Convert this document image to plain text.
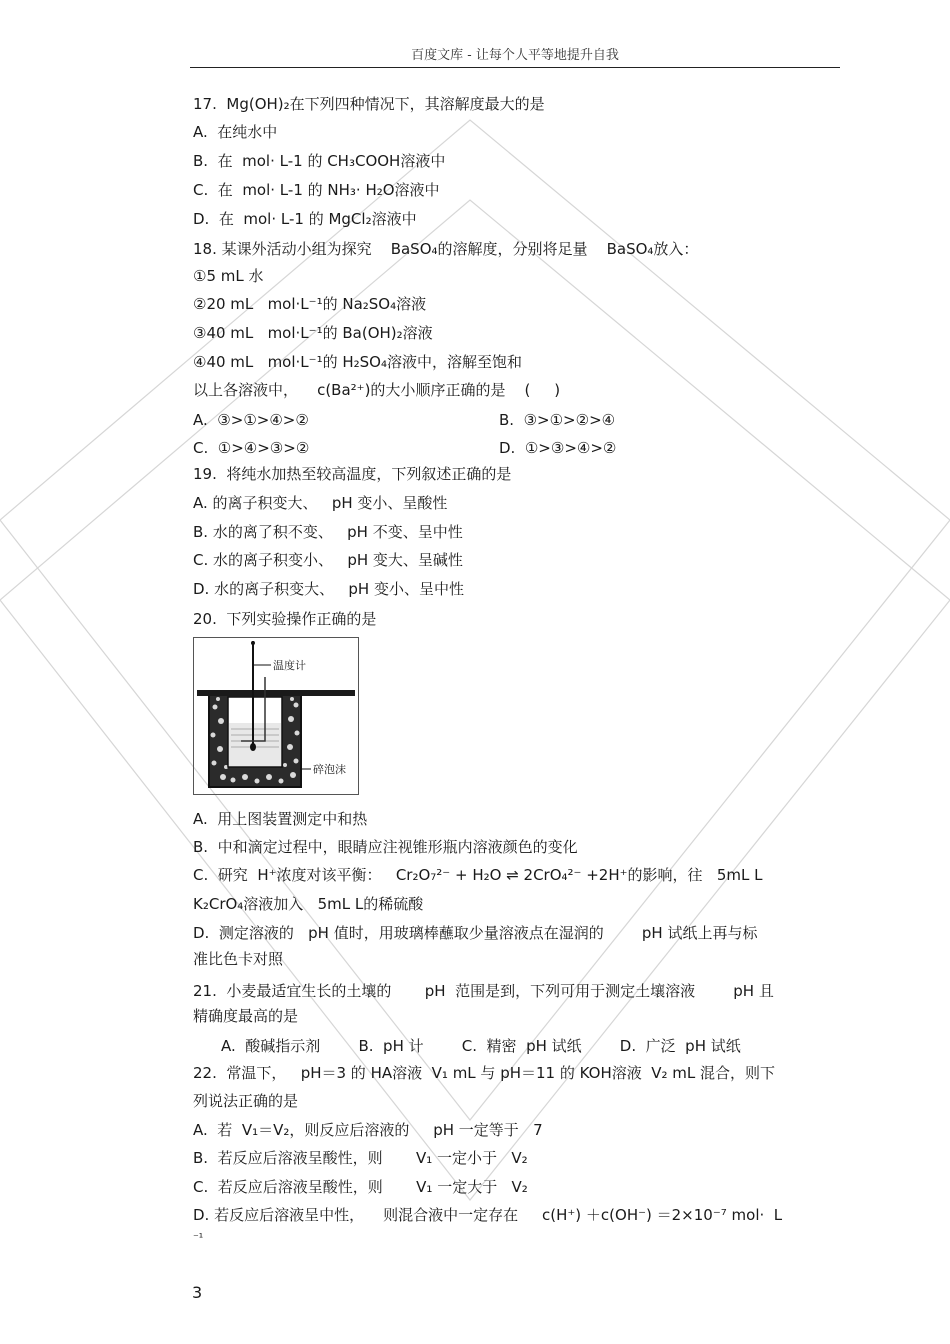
百度文库 - 让每个人平等地提升自我
17.  Mg(OH)₂在下列四种情况下，其溶解度最大的是
A.  在纯水中
B.  在  mol· L-1 的 CH₃COOH溶液中
C.  在  mol· L-1 的 NH₃· H₂O溶液中
D.  在  mol· L-1 的 MgCl₂溶液中
18. 某课外活动小组为探究    BaSO₄的溶解度，分别将足量    BaSO₄放入：
①5 mL 水
②20 mL   mol·L⁻¹的 Na₂SO₄溶液
③40 mL   mol·L⁻¹的 Ba(OH)₂溶液
④40 mL   mol·L⁻¹的 H₂SO₄溶液中，溶解至饱和
以上各溶液中，    c(Ba²⁺)的大小顺序正确的是    (     )
A.  ③>①>④>②	B.  ③>①>②>④
C.  ①>④>③>②	D.  ①>③>④>②
19.  将纯水加热至较高温度，下列叙述正确的是
A. 的离子积变大、   pH 变小、呈酸性
B. 水的离了积不变、   pH 不变、呈中性
C. 水的离子积变小、   pH 变大、呈碱性
D. 水的离子积变大、   pH 变小、呈中性
20.  下列实验操作正确的是
温度计
碎泡沫
A.  用上图装置测定中和热
B.  中和滴定过程中，眼睛应注视锥形瓶内溶液颜色的变化
C.  研究  H⁺浓度对该平衡：   Cr₂O₇²⁻ + H₂O ⇌ 2CrO₄²⁻ +2H⁺的影响，往   5mL L
K₂CrO₄溶液加入   5mL L的稀硫酸
D.  测定溶液的   pH 值时，用玻璃棒蘸取少量溶液点在湿润的        pH 试纸上再与标
准比色卡对照
21.  小麦最适宜生长的土壤的       pH  范围是到，下列可用于测定土壤溶液        pH 且
精确度最高的是
A.  酸碱指示剂        B.  pH 计        C.  精密  pH 试纸        D.  广泛  pH 试纸
22.  常温下，   pH＝3 的 HA溶液  V₁ mL 与 pH＝11 的 KOH溶液  V₂ mL 混合，则下
列说法正确的是
A.  若  V₁＝V₂，则反应后溶液的     pH 一定等于   7
B.  若反应后溶液呈酸性，则       V₁ 一定小于   V₂
C.  若反应后溶液呈酸性，则       V₁ 一定大于   V₂
D. 若反应后溶液呈中性，    则混合液中一定存在     c(H⁺) ＋c(OH⁻) ＝2×10⁻⁷ mol·  L
⁻¹
3
